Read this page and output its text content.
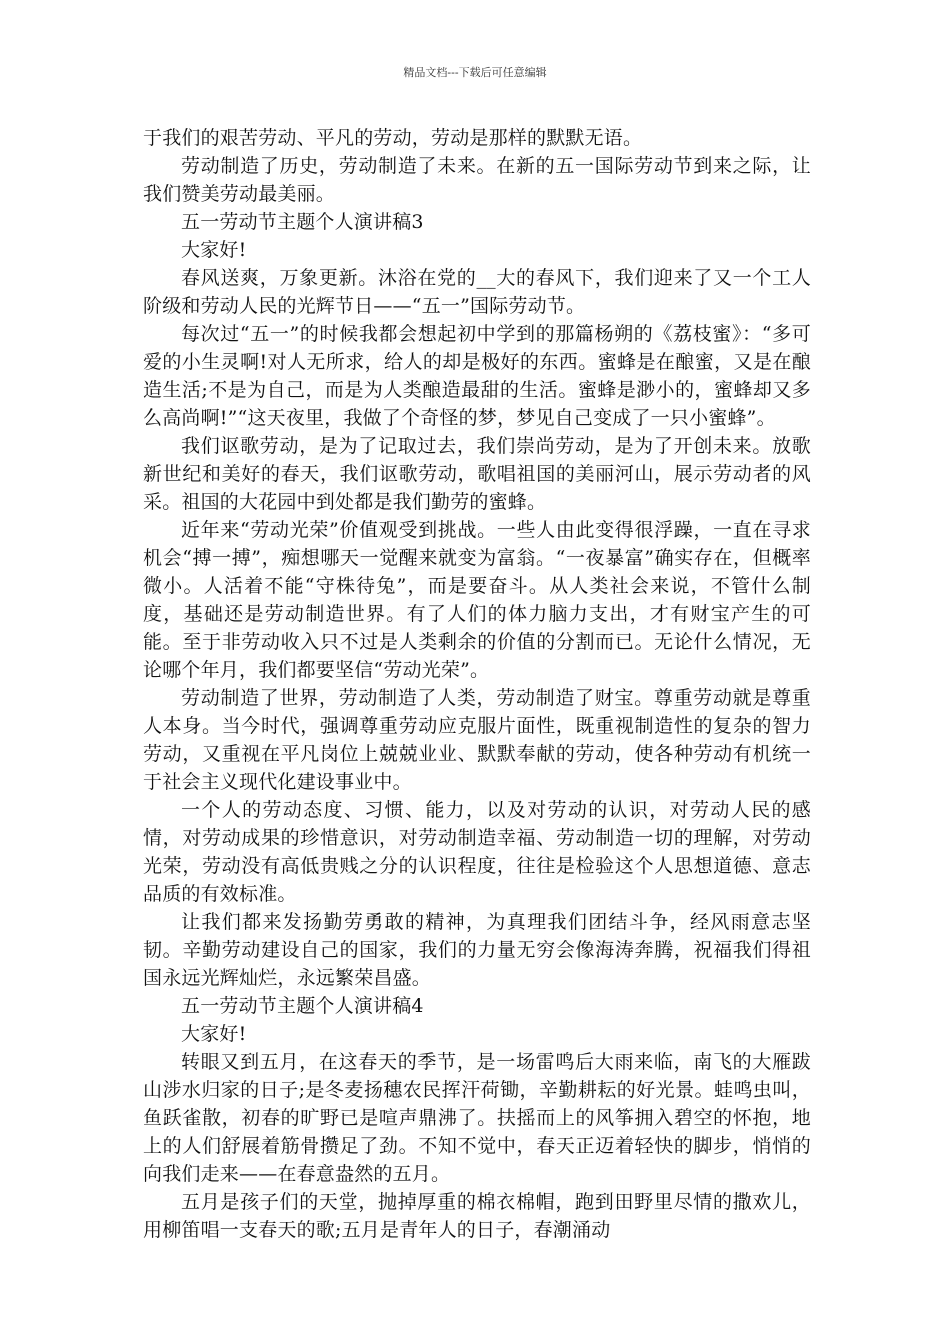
精品文档---下载后可任意编辑

于我们的艰苦劳动、平凡的劳动，劳动是那样的默默无语。

劳动制造了历史，劳动制造了未来。在新的五一国际劳动节到来之际，让我们赞美劳动最美丽。

五一劳动节主题个人演讲稿3

大家好!

春风送爽，万象更新。沐浴在党的__大的春风下，我们迎来了又一个工人阶级和劳动人民的光辉节日——“五一”国际劳动节。

每次过“五一”的时候我都会想起初中学到的那篇杨朔的《荔枝蜜》：“多可爱的小生灵啊!对人无所求，给人的却是极好的东西。蜜蜂是在酿蜜，又是在酿造生活;不是为自己，而是为人类酿造最甜的生活。蜜蜂是渺小的，蜜蜂却又多么高尚啊!”“这天夜里，我做了个奇怪的梦，梦见自己变成了一只小蜜蜂”。

我们讴歌劳动，是为了记取过去，我们崇尚劳动，是为了开创未来。放歌新世纪和美好的春天，我们讴歌劳动，歌唱祖国的美丽河山，展示劳动者的风采。祖国的大花园中到处都是我们勤劳的蜜蜂。

近年来“劳动光荣”价值观受到挑战。一些人由此变得很浮躁，一直在寻求机会“搏一搏”，痴想哪天一觉醒来就变为富翁。“一夜暴富”确实存在，但概率微小。人活着不能“守株待兔”，而是要奋斗。从人类社会来说，不管什么制度，基础还是劳动制造世界。有了人们的体力脑力支出，才有财宝产生的可能。至于非劳动收入只不过是人类剩余的价值的分割而已。无论什么情况，无论哪个年月，我们都要坚信“劳动光荣”。

劳动制造了世界，劳动制造了人类，劳动制造了财宝。尊重劳动就是尊重人本身。当今时代，强调尊重劳动应克服片面性，既重视制造性的复杂的智力劳动，又重视在平凡岗位上兢兢业业、默默奉献的劳动，使各种劳动有机统一于社会主义现代化建设事业中。

一个人的劳动态度、习惯、能力，以及对劳动的认识，对劳动人民的感情，对劳动成果的珍惜意识，对劳动制造幸福、劳动制造一切的理解，对劳动光荣，劳动没有高低贵贱之分的认识程度，往往是检验这个人思想道德、意志品质的有效标准。

让我们都来发扬勤劳勇敢的精神，为真理我们团结斗争，经风雨意志坚韧。辛勤劳动建设自己的国家，我们的力量无穷会像海涛奔腾，祝福我们得祖国永远光辉灿烂，永远繁荣昌盛。

五一劳动节主题个人演讲稿4

大家好!

转眼又到五月，在这春天的季节，是一场雷鸣后大雨来临，南飞的大雁跋山涉水归家的日子;是冬麦扬穗农民挥汗荷锄，辛勤耕耘的好光景。蛙鸣虫叫，鱼跃雀散，初春的旷野已是喧声鼎沸了。扶摇而上的风筝拥入碧空的怀抱，地上的人们舒展着筋骨攒足了劲。不知不觉中，春天正迈着轻快的脚步，悄悄的向我们走来——在春意盎然的五月。

五月是孩子们的天堂，抛掉厚重的棉衣棉帽，跑到田野里尽情的撒欢儿，用柳笛唱一支春天的歌;五月是青年人的日子，春潮涌动
